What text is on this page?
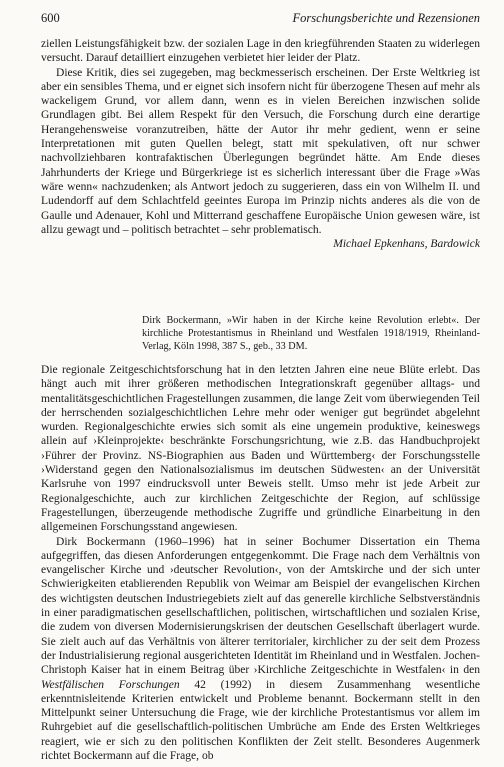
600	Forschungsberichte und Rezensionen

ziellen Leistungsfähigkeit bzw. der sozialen Lage in den kriegführenden Staaten zu widerlegen versucht. Darauf detailliert einzugehen verbietet hier leider der Platz.

Diese Kritik, dies sei zugegeben, mag beckmesserisch erscheinen. Der Erste Weltkrieg ist aber ein sensibles Thema, und er eignet sich insofern nicht für überzogene Thesen auf mehr als wackeligem Grund, vor allem dann, wenn es in vielen Bereichen inzwischen solide Grundlagen gibt. Bei allem Respekt für den Versuch, die Forschung durch eine derartige Herangehensweise voranzutreiben, hätte der Autor ihr mehr gedient, wenn er seine Interpretationen mit guten Quellen belegt, statt mit spekulativen, oft nur schwer nachvollziehbaren kontrafaktischen Überlegungen begründet hätte. Am Ende dieses Jahrhunderts der Kriege und Bürgerkriege ist es sicherlich interessant über die Frage »Was wäre wenn« nachzudenken; als Antwort jedoch zu suggerieren, dass ein von Wilhelm II. und Ludendorff auf dem Schlachtfeld geeintes Europa im Prinzip nichts anderes als die von de Gaulle und Adenauer, Kohl und Mitterrand geschaffene Europäische Union gewesen wäre, ist allzu gewagt und – politisch betrachtet – sehr problematisch.

Michael Epkenhans, Bardowick

Dirk Bockermann, »Wir haben in der Kirche keine Revolution erlebt«. Der kirchliche Protestantismus in Rheinland und Westfalen 1918/1919, Rheinland-Verlag, Köln 1998, 387 S., geb., 33 DM.

Die regionale Zeitgeschichtsforschung hat in den letzten Jahren eine neue Blüte erlebt. Das hängt auch mit ihrer größeren methodischen Integrationskraft gegenüber alltags- und mentalitätsgeschichtlichen Fragestellungen zusammen, die lange Zeit vom überwiegenden Teil der herrschenden sozialgeschichtlichen Lehre mehr oder weniger gut begründet abgelehnt wurden. Regionalgeschichte erwies sich somit als eine ungemein produktive, keineswegs allein auf ›Kleinprojekte‹ beschränkte Forschungsrichtung, wie z.B. das Handbuchprojekt ›Führer der Provinz. NS-Biographien aus Baden und Württemberg‹ der Forschungsstelle ›Widerstand gegen den Nationalsozialismus im deutschen Südwesten‹ an der Universität Karlsruhe von 1997 eindrucksvoll unter Beweis stellt. Umso mehr ist jede Arbeit zur Regionalgeschichte, auch zur kirchlichen Zeitgeschichte der Region, auf schlüssige Fragestellungen, überzeugende methodische Zugriffe und gründliche Einarbeitung in den allgemeinen Forschungsstand angewiesen.

Dirk Bockermann (1960–1996) hat in seiner Bochumer Dissertation ein Thema aufgegriffen, das diesen Anforderungen entgegenkommt. Die Frage nach dem Verhältnis von evangelischer Kirche und ›deutscher Revolution‹, von der Amtskirche und der sich unter Schwierigkeiten etablierenden Republik von Weimar am Beispiel der evangelischen Kirchen des wichtigsten deutschen Industriegebiets zielt auf das generelle kirchliche Selbstverständnis in einer paradigmatischen gesellschaftlichen, politischen, wirtschaftlichen und sozialen Krise, die zudem von diversen Modernisierungskrisen der deutschen Gesellschaft überlagert wurde. Sie zielt auch auf das Verhältnis von älterer territorialer, kirchlicher zu der seit dem Prozess der Industrialisierung regional ausgerichteten Identität im Rheinland und in Westfalen. Jochen-Christoph Kaiser hat in einem Beitrag über ›Kirchliche Zeitgeschichte in Westfalen‹ in den Westfälischen Forschungen 42 (1992) in diesem Zusammenhang wesentliche erkenntnisleitende Kriterien entwickelt und Probleme benannt. Bockermann stellt in den Mittelpunkt seiner Untersuchung die Frage, wie der kirchliche Protestantismus vor allem im Ruhrgebiet auf die gesellschaftlich-politischen Umbrüche am Ende des Ersten Weltkrieges reagiert, wie er sich zu den politischen Konflikten der Zeit stellt. Besonderes Augenmerk richtet Bockermann auf die Frage, ob
